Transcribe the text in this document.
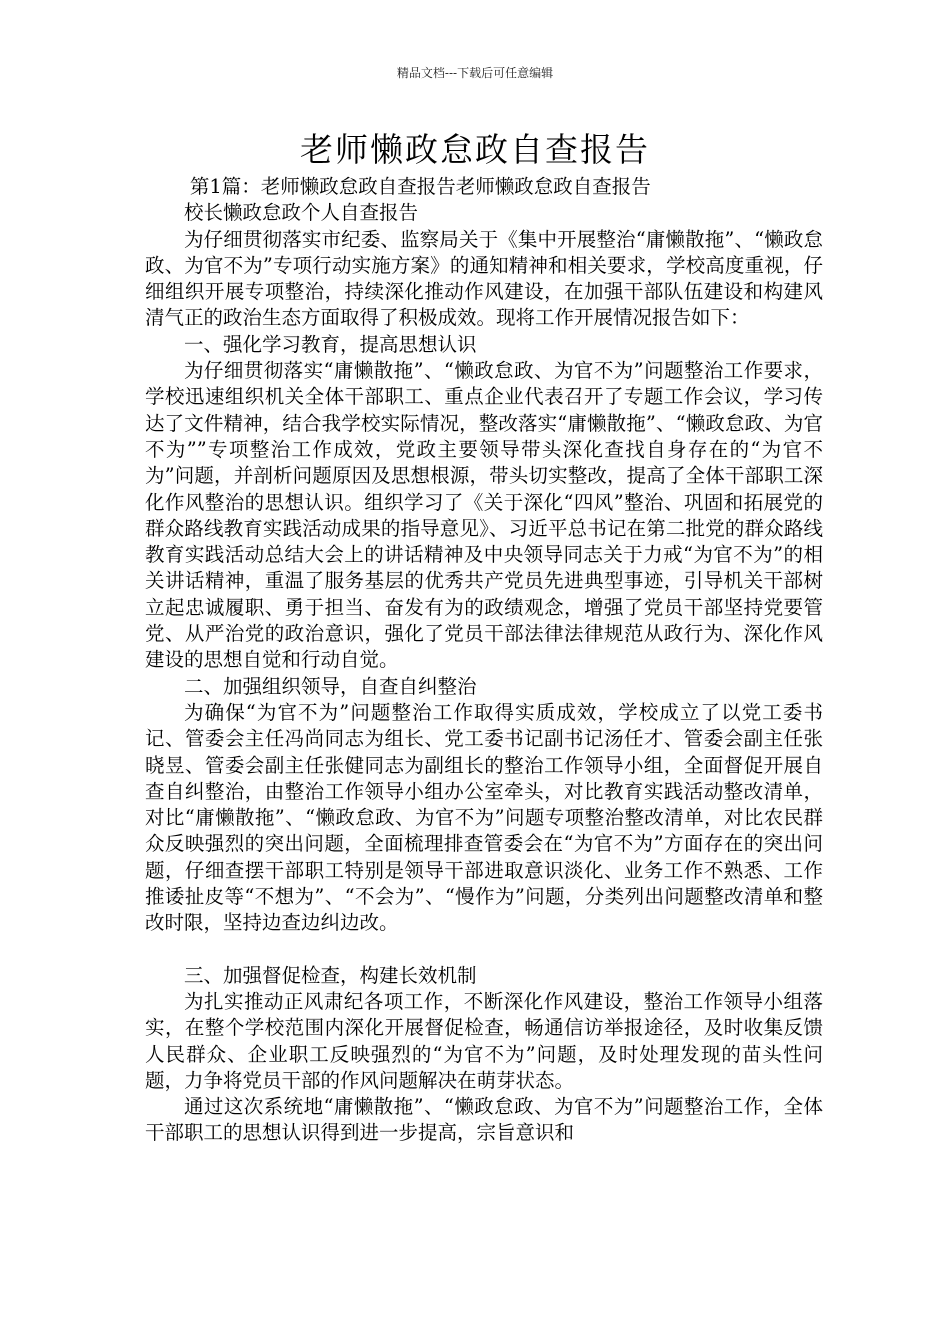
精品文档---下载后可任意编辑
老师懒政怠政自查报告

第1篇：老师懒政怠政自查报告老师懒政怠政自查报告

校长懒政怠政个人自查报告

为仔细贯彻落实市纪委、监察局关于《集中开展整治“庸懒散拖”、“懒政怠政、为官不为”专项行动实施方案》的通知精神和相关要求，学校高度重视，仔细组织开展专项整治，持续深化推动作风建设，在加强干部队伍建设和构建风清气正的政治生态方面取得了积极成效。现将工作开展情况报告如下：

一、强化学习教育，提高思想认识

为仔细贯彻落实“庸懒散拖”、“懒政怠政、为官不为”问题整治工作要求，学校迅速组织机关全体干部职工、重点企业代表召开了专题工作会议，学习传达了文件精神，结合我学校实际情况，整改落实“庸懒散拖”、“懒政怠政、为官不为””专项整治工作成效，党政主要领导带头深化查找自身存在的“为官不为”问题，并剖析问题原因及思想根源，带头切实整改，提高了全体干部职工深化作风整治的思想认识。组织学习了《关于深化“四风”整治、巩固和拓展党的群众路线教育实践活动成果的指导意见》、习近平总书记在第二批党的群众路线教育实践活动总结大会上的讲话精神及中央领导同志关于力戒“为官不为”的相关讲话精神，重温了服务基层的优秀共产党员先进典型事迹，引导机关干部树立起忠诚履职、勇于担当、奋发有为的政绩观念，增强了党员干部坚持党要管党、从严治党的政治意识，强化了党员干部法律法律规范从政行为、深化作风建设的思想自觉和行动自觉。

二、加强组织领导，自查自纠整治

为确保“为官不为”问题整治工作取得实质成效，学校成立了以党工委书记、管委会主任冯尚同志为组长、党工委书记副书记汤任才、管委会副主任张晓昱、管委会副主任张健同志为副组长的整治工作领导小组，全面督促开展自查自纠整治，由整治工作领导小组办公室牵头，对比教育实践活动整改清单，对比“庸懒散拖”、“懒政怠政、为官不为”问题专项整治整改清单，对比农民群众反映强烈的突出问题，全面梳理排查管委会在“为官不为”方面存在的突出问题，仔细查摆干部职工特别是领导干部进取意识淡化、业务工作不熟悉、工作推诿扯皮等“不想为”、“不会为”、“慢作为”问题，分类列出问题整改清单和整改时限，坚持边查边纠边改。

三、加强督促检查，构建长效机制

为扎实推动正风肃纪各项工作，不断深化作风建设，整治工作领导小组落实，在整个学校范围内深化开展督促检查，畅通信访举报途径，及时收集反馈人民群众、企业职工反映强烈的“为官不为”问题，及时处理发现的苗头性问题，力争将党员干部的作风问题解决在萌芽状态。

通过这次系统地“庸懒散拖”、“懒政怠政、为官不为”问题整治工作，全体干部职工的思想认识得到进一步提高，宗旨意识和
